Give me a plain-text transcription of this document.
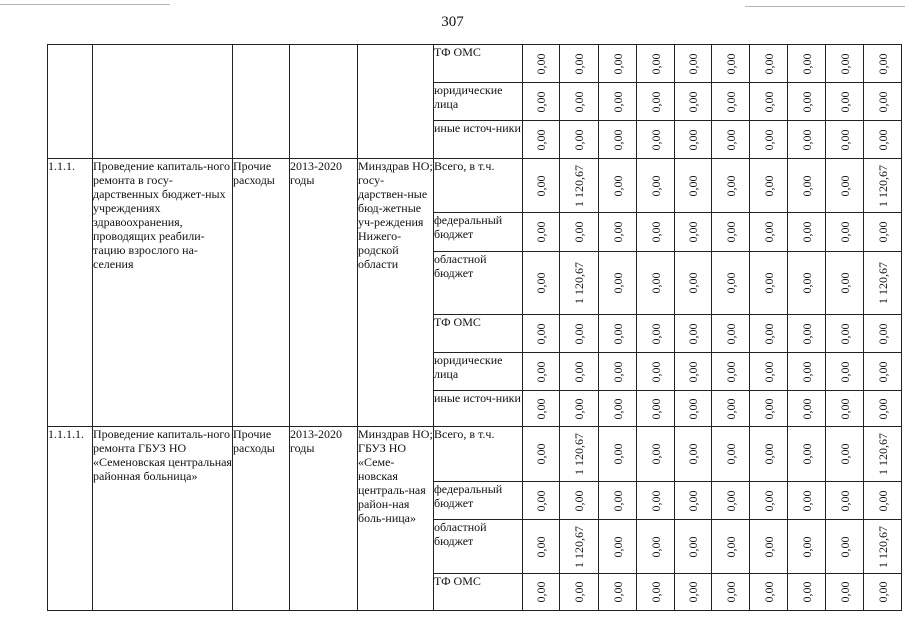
307
					ТФ ОМС	0,00	0,00	0,00	0,00	0,00	0,00	0,00	0,00	0,00	0,00

					юридические лица	0,00	0,00	0,00	0,00	0,00	0,00	0,00	0,00	0,00	0,00

					иные источ-ники	0,00	0,00	0,00	0,00	0,00	0,00	0,00	0,00	0,00	0,00

1.1.1.	Проведение капиталь-ного ремонта в госу-дарственных бюджет-ных учреждениях здравоохранения, проводящих реабили-тацию взрослого на-селения	Прочие расходы	2013-2020 годы	Минздрав НО; госу-дарствен-ные бюд-жетные уч-реждения Нижего-родской области	Всего, в т.ч.	0,00	1 120,67	0,00	0,00	0,00	0,00	0,00	0,00	0,00	1 120,67

					федеральный бюджет	0,00	0,00	0,00	0,00	0,00	0,00	0,00	0,00	0,00	0,00

					областной бюджет	0,00	1 120,67	0,00	0,00	0,00	0,00	0,00	0,00	0,00	1 120,67

					ТФ ОМС	0,00	0,00	0,00	0,00	0,00	0,00	0,00	0,00	0,00	0,00

					юридические лица	0,00	0,00	0,00	0,00	0,00	0,00	0,00	0,00	0,00	0,00

					иные источ-ники	0,00	0,00	0,00	0,00	0,00	0,00	0,00	0,00	0,00	0,00

1.1.1.1.	Проведение капиталь-ного ремонта ГБУЗ НО «Семеновская центральная районная больница»	Прочие расходы	2013-2020 годы	Минздрав НО; ГБУЗ НО «Семе-новская централь-ная район-ная боль-ница»	Всего, в т.ч.	0,00	1 120,67	0,00	0,00	0,00	0,00	0,00	0,00	0,00	1 120,67

					федеральный бюджет	0,00	0,00	0,00	0,00	0,00	0,00	0,00	0,00	0,00	0,00

					областной бюджет	0,00	1 120,67	0,00	0,00	0,00	0,00	0,00	0,00	0,00	1 120,67

					ТФ ОМС	0,00	0,00	0,00	0,00	0,00	0,00	0,00	0,00	0,00	0,00
